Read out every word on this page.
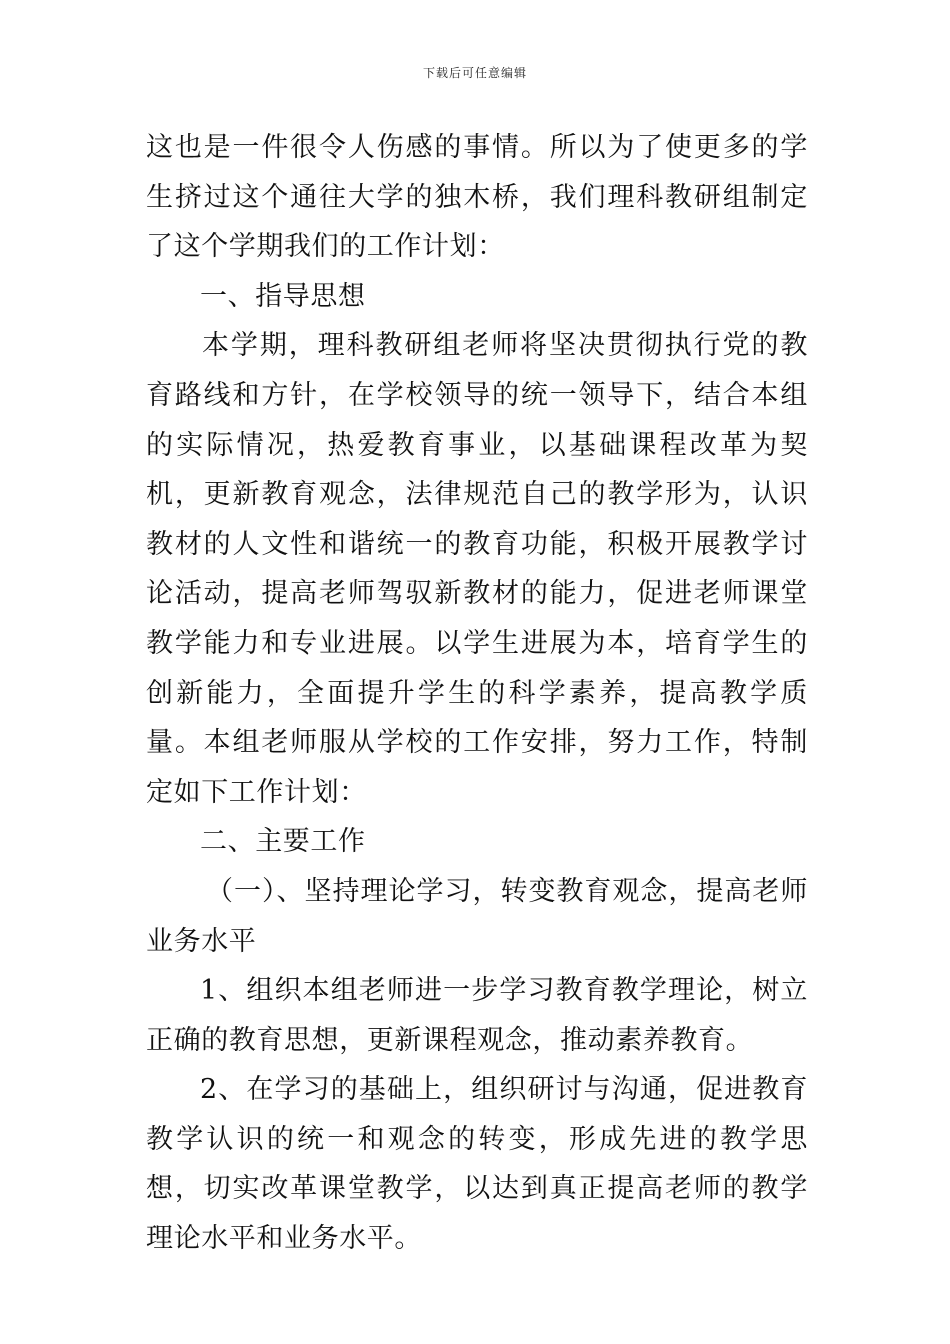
下载后可任意编辑

这也是一件很令人伤感的事情。所以为了使更多的学生挤过这个通往大学的独木桥，我们理科教研组制定了这个学期我们的工作计划：

一、指导思想

本学期，理科教研组老师将坚决贯彻执行党的教育路线和方针，在学校领导的统一领导下，结合本组的实际情况，热爱教育事业，以基础课程改革为契机，更新教育观念，法律规范自己的教学形为，认识教材的人文性和谐统一的教育功能，积极开展教学讨论活动，提高老师驾驭新教材的能力，促进老师课堂教学能力和专业进展。以学生进展为本，培育学生的创新能力，全面提升学生的科学素养，提高教学质量。本组老师服从学校的工作安排，努力工作，特制定如下工作计划：

二、主要工作

（一）、坚持理论学习，转变教育观念，提高老师业务水平

1、组织本组老师进一步学习教育教学理论，树立正确的教育思想，更新课程观念，推动素养教育。

2、在学习的基础上，组织研讨与沟通，促进教育教学认识的统一和观念的转变，形成先进的教学思想，切实改革课堂教学，以达到真正提高老师的教学理论水平和业务水平。
